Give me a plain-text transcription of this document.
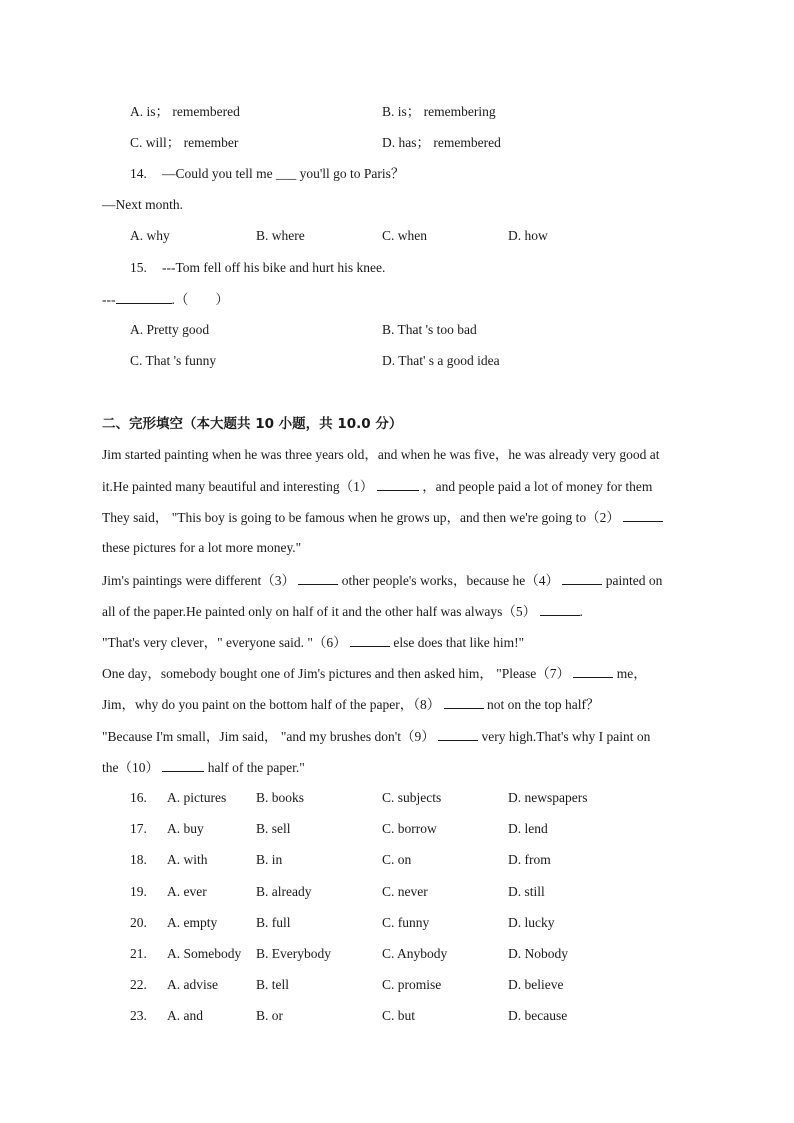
A. is； remembered	B. is； remembering
C. will； remember	D. has； remembered
14. —Could you tell me ___ you'll go to Paris？
—Next month.
A. why	B. where	C. when	D. how
15. ---Tom fell off his bike and hurt his knee.
---	.（　　）
A. Pretty good	B. That 's too bad
C. That 's funny	D. That' s a good idea
二、完形填空（本大题共 10 小题，共 10.0 分）
Jim started painting when he was three years old，and when he was five，he was already very good at
it.He painted many beautiful and interesting（1）	，and people paid a lot of money for them
They said， "This boy is going to be famous when he grows up，and then we're going to（2）
these pictures for a lot more money."
Jim's paintings were different（3）	other people's works，because he（4）	painted on
all of the paper.He painted only on half of it and the other half was always（5）	.
"That's very clever，" everyone said. "（6）	else does that like him!"
One day，somebody bought one of Jim's pictures and then asked him， "Please（7）	me，
Jim，why do you paint on the bottom half of the paper，（8）	not on the top half？
"Because I'm small，Jim said， "and my brushes don't（9）	very high.That's why I paint on
the（10）	half of the paper."
16. A. pictures B. books	C. subjects	D. newspapers
17. A. buy	B. sell	C. borrow	D. lend
18. A. with	B. in	C. on	D. from
19. A. ever	B. already	C. never	D. still
20. A. empty	B. full	C. funny	D. lucky
21. A. Somebody B. Everybody	C. Anybody	D. Nobody
22. A. advise	B. tell	C. promise	D. believe
23. A. and	B. or	C. but	D. because
